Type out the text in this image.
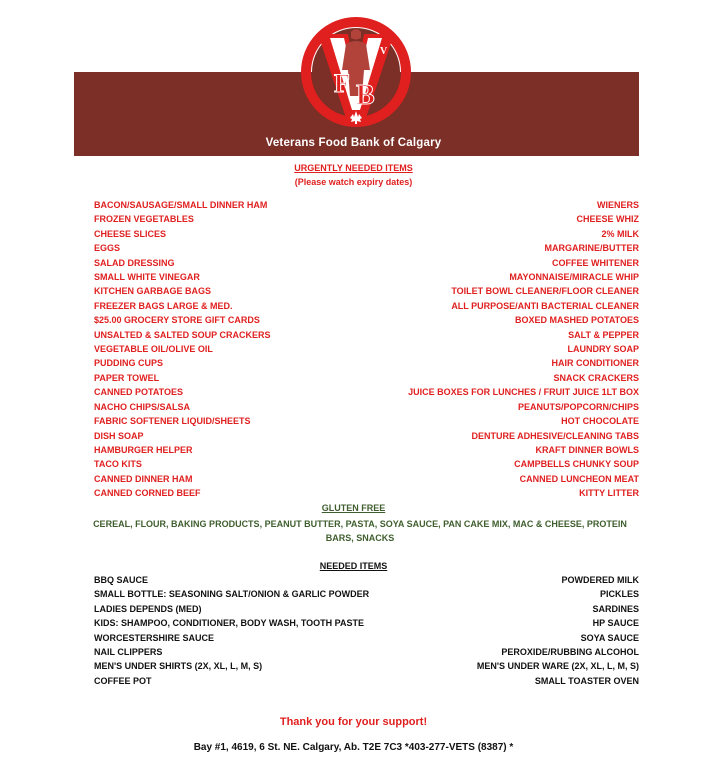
F B
V
Veterans Food Bank of Calgary
URGENTLY NEEDED ITEMS
(Please watch expiry dates)
BACON/SAUSAGE/SMALL DINNER HAM
FROZEN VEGETABLES
CHEESE SLICES
EGGS
SALAD DRESSING
SMALL WHITE VINEGAR
KITCHEN GARBAGE BAGS
FREEZER BAGS LARGE & MED.
$25.00 GROCERY STORE GIFT CARDS
UNSALTED & SALTED SOUP CRACKERS
VEGETABLE OIL/OLIVE OIL
PUDDING CUPS
PAPER TOWEL
CANNED POTATOES
NACHO CHIPS/SALSA
FABRIC SOFTENER LIQUID/SHEETS
DISH SOAP
HAMBURGER HELPER
TACO KITS
CANNED DINNER HAM
CANNED CORNED BEEF
WIENERS
CHEESE WHIZ
2% MILK
MARGARINE/BUTTER
COFFEE WHITENER
MAYONNAISE/MIRACLE WHIP
TOILET BOWL CLEANER/FLOOR CLEANER
ALL PURPOSE/ANTI BACTERIAL CLEANER
BOXED MASHED POTATOES
SALT & PEPPER
LAUNDRY SOAP
HAIR CONDITIONER
SNACK CRACKERS
JUICE BOXES FOR LUNCHES / FRUIT JUICE 1LT BOX
PEANUTS/POPCORN/CHIPS
HOT CHOCOLATE
DENTURE ADHESIVE/CLEANING TABS
KRAFT DINNER BOWLS
CAMPBELLS CHUNKY SOUP
CANNED LUNCHEON MEAT
KITTY LITTER
GLUTEN FREE
CEREAL, FLOUR, BAKING PRODUCTS, PEANUT BUTTER, PASTA, SOYA SAUCE, PAN CAKE MIX, MAC & CHEESE, PROTEIN BARS, SNACKS
NEEDED ITEMS
BBQ SAUCE
SMALL BOTTLE: SEASONING SALT/ONION & GARLIC POWDER
LADIES DEPENDS (MED)
KIDS: SHAMPOO, CONDITIONER, BODY WASH, TOOTH PASTE
WORCESTERSHIRE SAUCE
NAIL CLIPPERS
MEN'S UNDER SHIRTS (2X, XL, L, M, S)
COFFEE POT
POWDERED MILK
PICKLES
SARDINES
HP SAUCE
SOYA SAUCE
PEROXIDE/RUBBING ALCOHOL
MEN'S UNDER WARE (2X, XL, L, M, S)
SMALL TOASTER OVEN
Thank you for your support!
Bay #1, 4619, 6 St. NE. Calgary, Ab. T2E 7C3 *403-277-VETS (8387) *
